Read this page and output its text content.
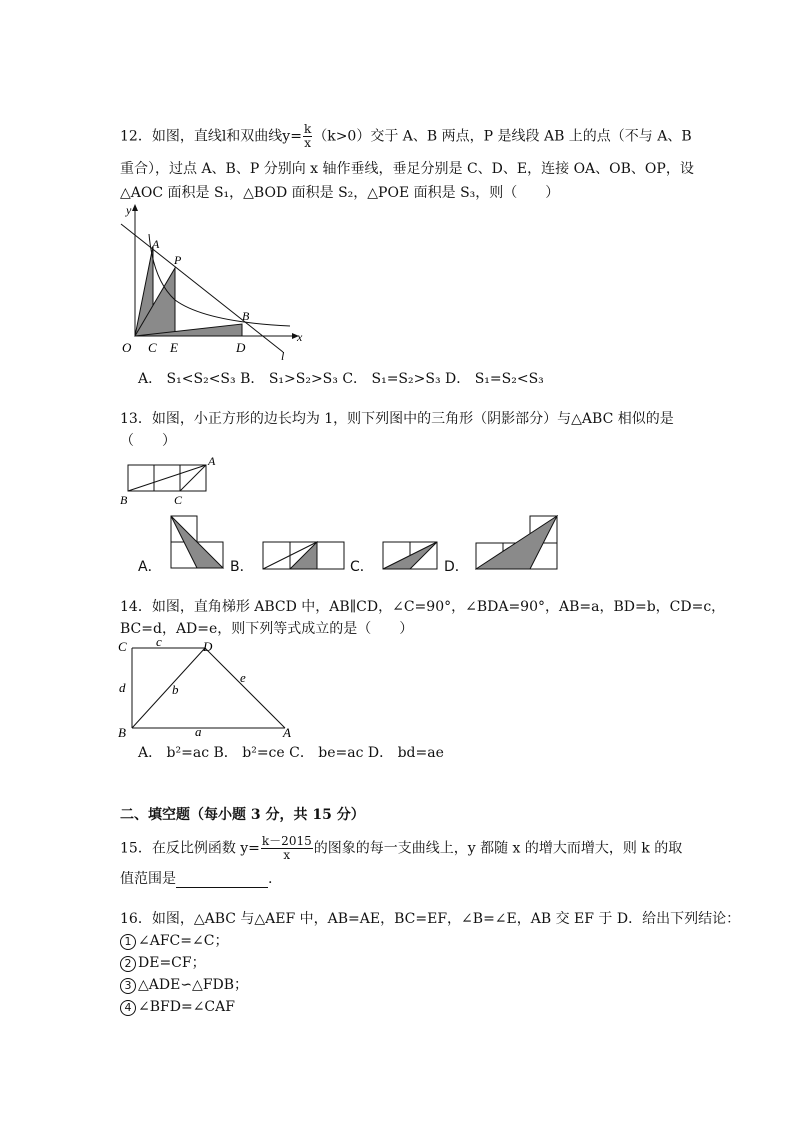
12．如图，直线l和双曲线$y= \frac{k}{x} (k>0)$交于 A、B 两点，P 是线段 AB 上的点（不与 A、B
重合），过点 A、B、P 分别向 x 轴作垂线，垂足分别是 C、D、E，连接 OA、OB、OP，设
△AOC 面积是 S₁，△BOD 面积是 S₂，△POE 面积是 S₃，则（　　）
y
x
O C E	D
A
P
B
l
A． S₁<S₂<S₃ B． S₁>S₂>S₃ C． S₁=S₂>S₃ D． S₁=S₂<S₃
13．如图，小正方形的边长均为 1，则下列图中的三角形（阴影部分）与△ABC 相似的是
（　　）
A
B	C
A．	B．	C．	D．
14．如图，直角梯形 ABCD 中，AB∥CD，∠C=90°，∠BDA=90°，AB=a，BD=b，CD=c，
BC=d，AD=e，则下列等式成立的是（　　）
C c	D
d	b
e
B	a	A
A． b²=ac B． b²=ce C． be=ac D． bd=ae
二、填空题（每小题 3 分，共 15 分）
15．在反比例函数 $y= \frac{k-2015}{x}$ 的图象的每一支曲线上，y 都随 x 的增大而增大，则 k 的取
值范围是	.
16．如图，△ABC 与△AEF 中，AB=AE，BC=EF，∠B=∠E，AB 交 EF 于 D．给出下列结论：
1 ∠AFC=∠C；
2 DE=CF；
3 △ADE∽△FDB；
4 ∠BFD=∠CAF
